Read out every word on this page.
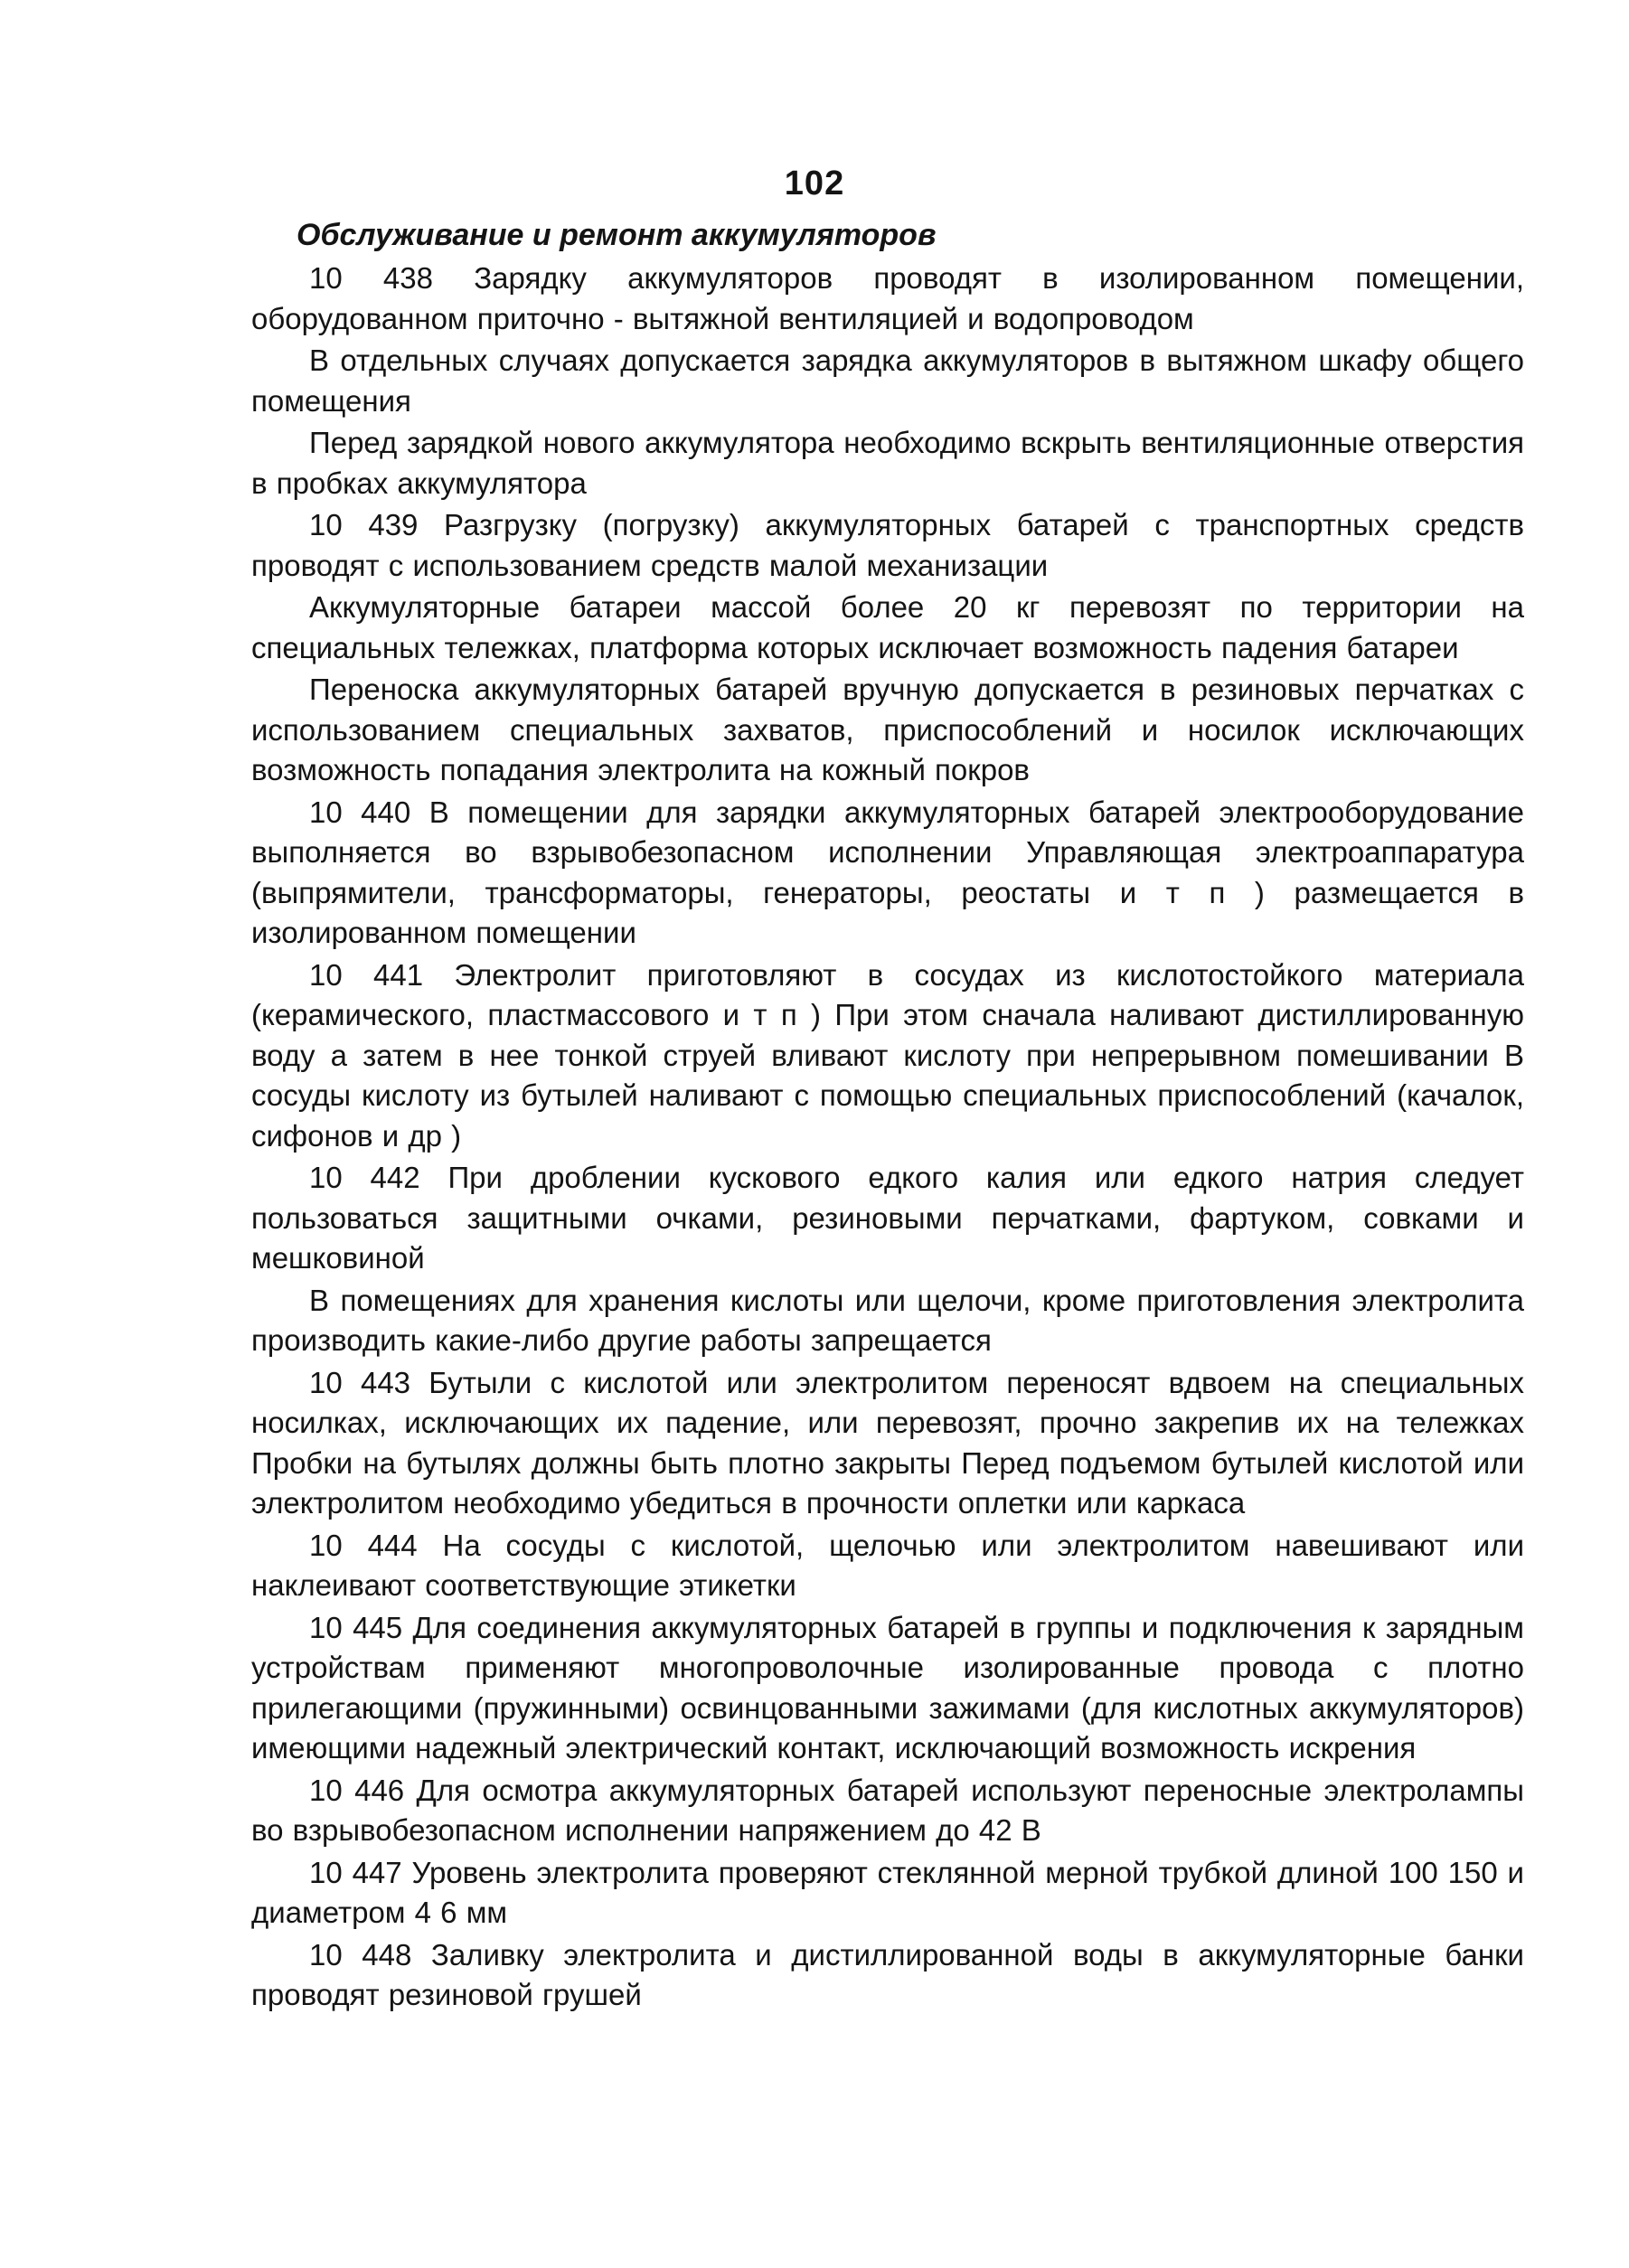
102
Обслуживание и ремонт аккумуляторов

10 438 Зарядку аккумуляторов проводят в изолированном помещении, оборудованном приточно - вытяжной вентиляцией и водопроводом

В отдельных случаях допускается зарядка аккумуляторов в вытяжном шкафу общего помещения

Перед зарядкой нового аккумулятора необходимо вскрыть вентиляционные отверстия в пробках аккумулятора

10 439 Разгрузку (погрузку) аккумуляторных батарей с транспортных средств проводят с использованием средств малой механизации

Аккумуляторные батареи массой более 20 кг перевозят по территории на специальных тележках, платформа которых исключает возможность падения батареи

Переноска аккумуляторных батарей вручную допускается в резиновых перчатках с использованием специальных захватов, приспособлений и носилок исключающих возможность попадания электролита на кожный покров

10 440 В помещении для зарядки аккумуляторных батарей электрооборудование выполняется во взрывобезопасном исполнении Управляющая электроаппаратура (выпрямители, трансформаторы, генераторы, реостаты и т п ) размещается в изолированном помещении

10 441 Электролит приготовляют в сосудах из кислотостойкого материала (керамического, пластмассового и т п ) При этом сначала наливают дистиллированную воду а затем в нее тонкой струей вливают кислоту при непрерывном помешивании В сосуды кислоту из бутылей наливают с помощью специальных приспособлений (качалок, сифонов и др )

10 442 При дроблении кускового едкого калия или едкого натрия следует пользоваться защитными очками, резиновыми перчатками, фартуком, совками и мешковиной

В помещениях для хранения кислоты или щелочи, кроме приготовления электролита производить какие-либо другие работы запрещается

10 443 Бутыли с кислотой или электролитом переносят вдвоем на специальных носилках, исключающих их падение, или перевозят, прочно закрепив их на тележках Пробки на бутылях должны быть плотно закрыты Перед подъемом бутылей кислотой или электролитом необходимо убедиться в прочности оплетки или каркаса

10 444 На сосуды с кислотой, щелочью или электролитом навешивают или наклеивают соответствующие этикетки

10 445 Для соединения аккумуляторных батарей в группы и подключения к зарядным устройствам применяют многопроволочные изолированные провода с плотно прилегающими (пружинными) освинцованными зажимами (для кислотных аккумуляторов) имеющими надежный электрический контакт, исключающий возможность искрения

10 446 Для осмотра аккумуляторных батарей используют переносные электролампы во взрывобезопасном исполнении напряжением до 42 В

10 447 Уровень электролита проверяют стеклянной мерной трубкой длиной 100 150 и диаметром 4 6 мм

10 448 Заливку электролита и дистиллированной воды в аккумуляторные банки проводят резиновой грушей
